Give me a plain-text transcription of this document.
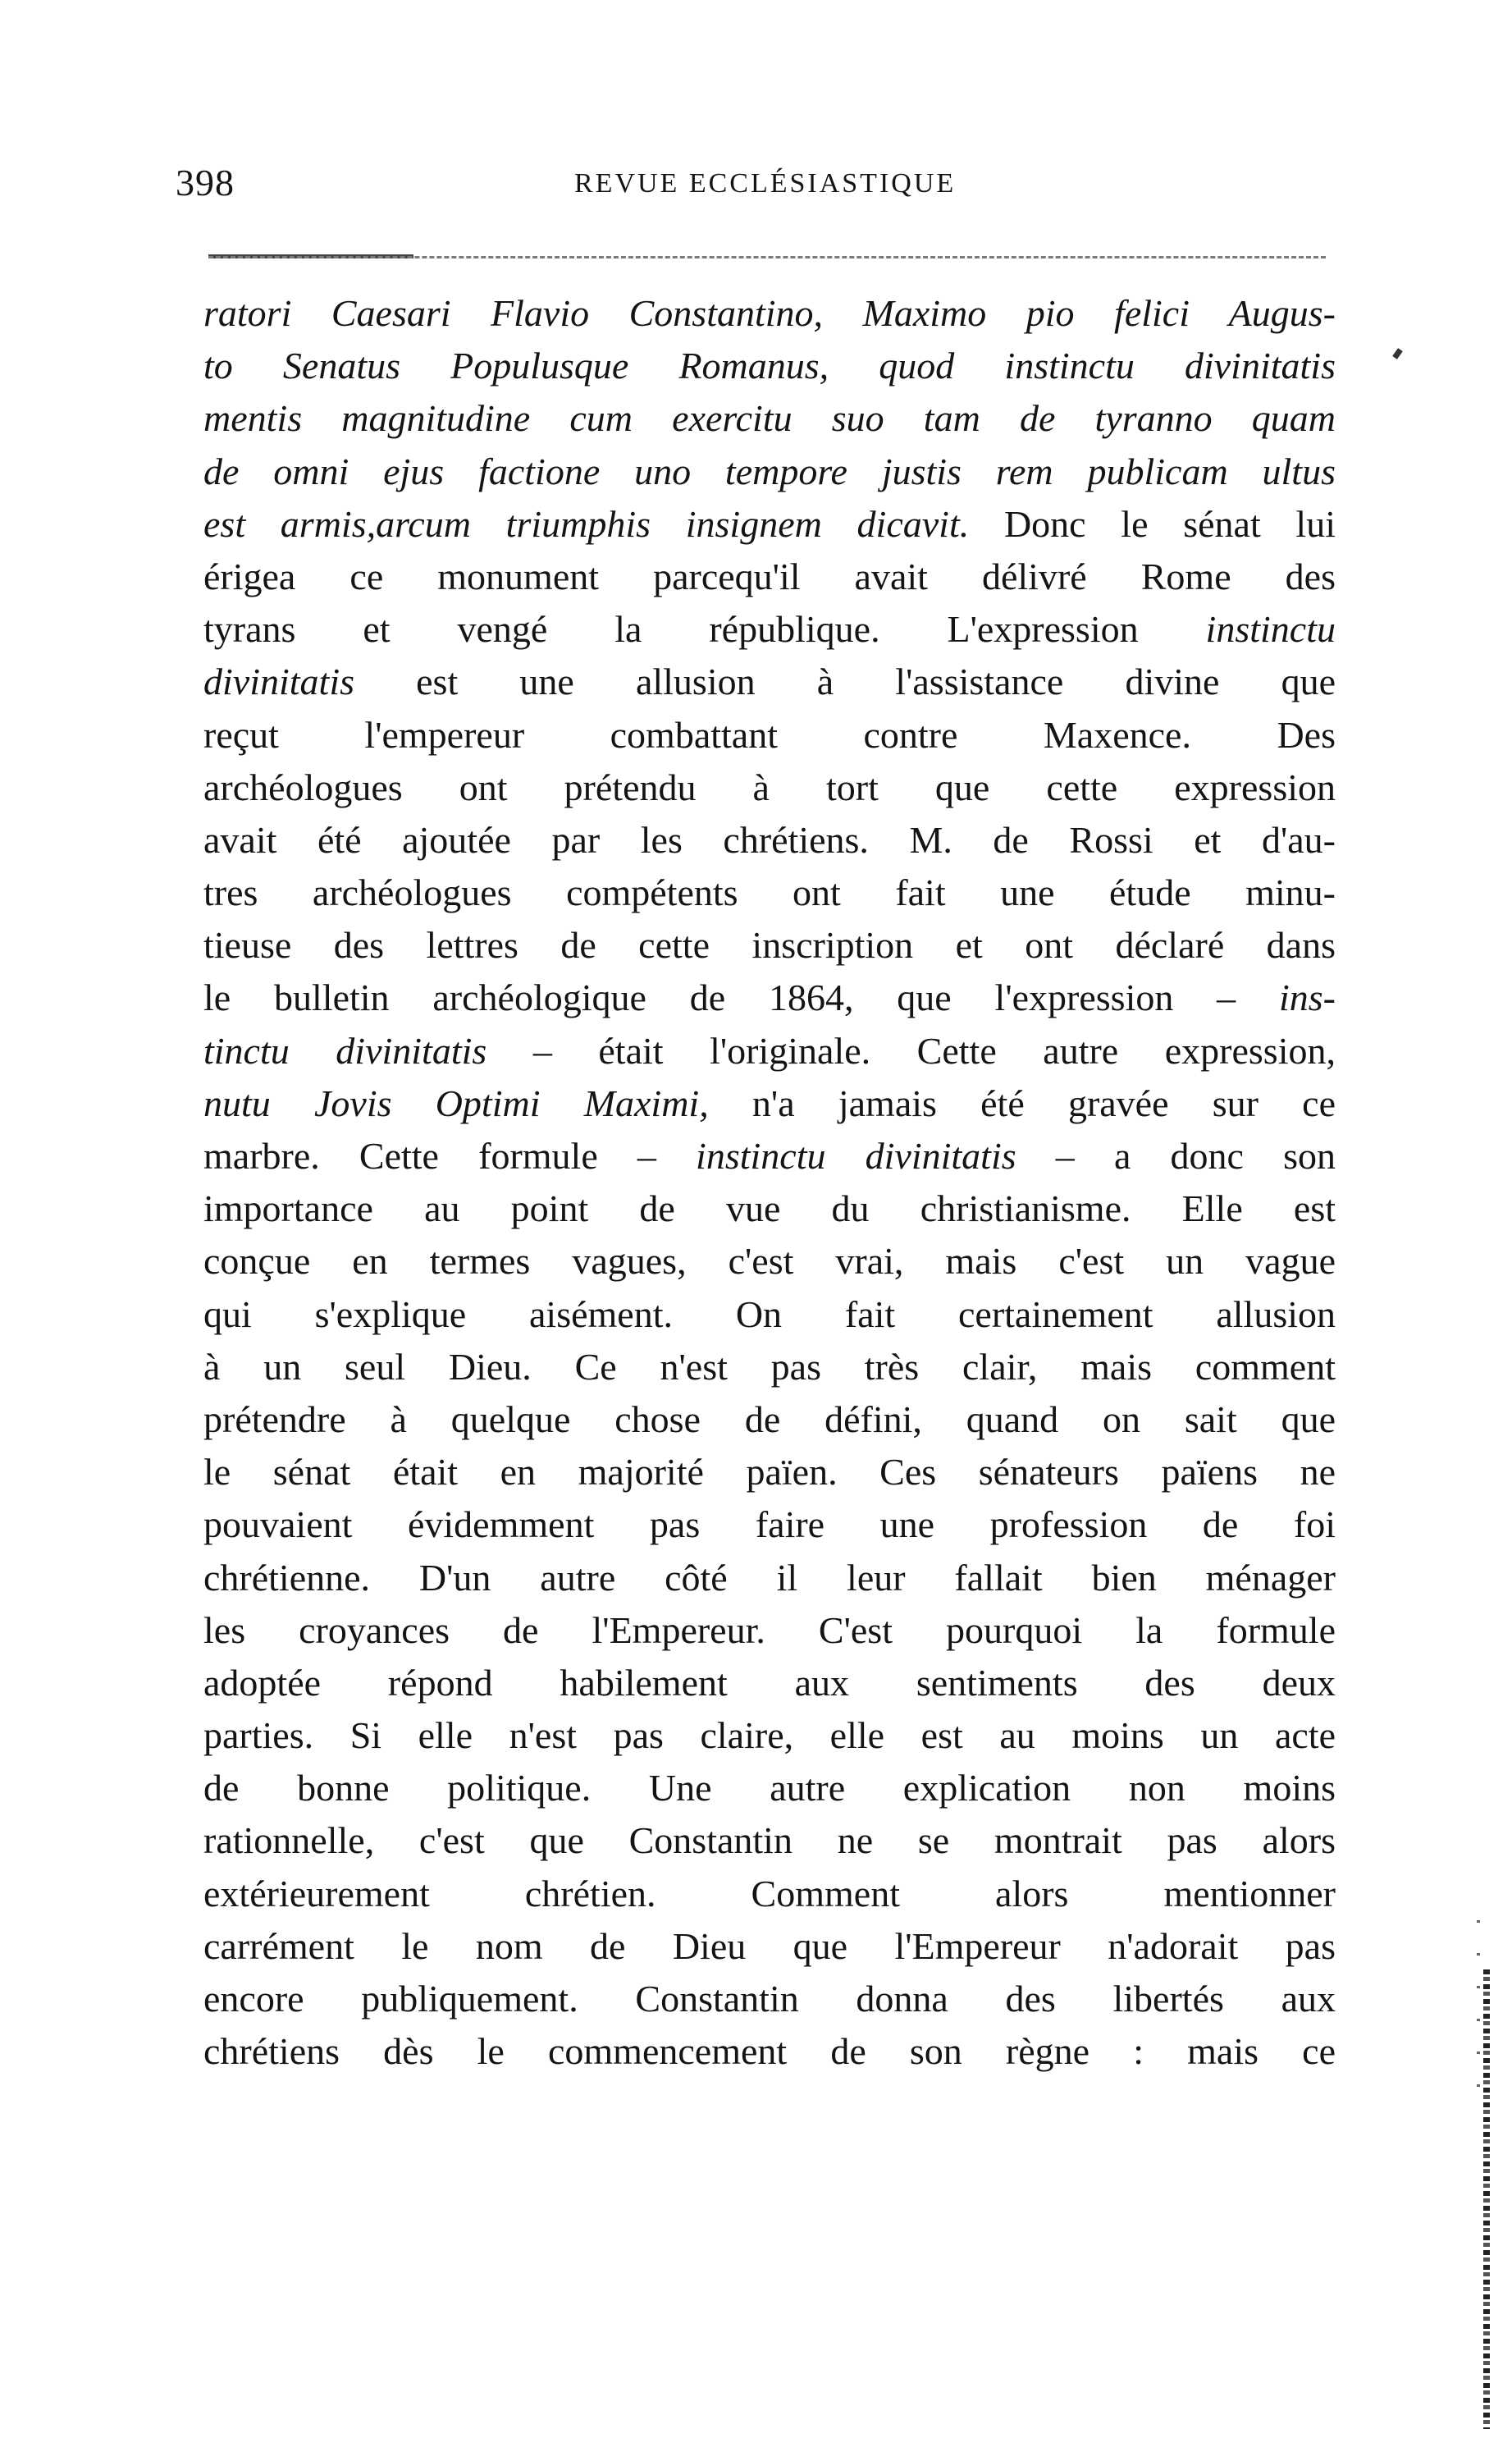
398	REVUE ECCLÉSIASTIQUE
ratori Caesari Flavio Constantino, Maximo pio felici Augus-
to Senatus Populusque Romanus, quod instinctu divinitatis
mentis magnitudine cum exercitu suo tam de tyranno quam
de omni ejus factione uno tempore justis rem publicam ultus
est armis,arcum triumphis insignem dicavit. Donc le sénat lui
érigea ce monument parcequ'il avait délivré Rome des
tyrans et vengé la république. L'expression instinctu
divinitatis est une allusion à l'assistance divine que
reçut l'empereur combattant contre Maxence. Des
archéologues ont prétendu à tort que cette expression
avait été ajoutée par les chrétiens. M. de Rossi et d'au-
tres archéologues compétents ont fait une étude minu-
tieuse des lettres de cette inscription et ont déclaré dans
le bulletin archéologique de 1864, que l'expression – ins-
tinctu divinitatis – était l'originale. Cette autre expression,
nutu Jovis Optimi Maximi, n'a jamais été gravée sur ce
marbre. Cette formule – instinctu divinitatis – a donc son
importance au point de vue du christianisme. Elle est
conçue en termes vagues, c'est vrai, mais c'est un vague
qui s'explique aisément. On fait certainement allusion
à un seul Dieu. Ce n'est pas très clair, mais comment
prétendre à quelque chose de défini, quand on sait que
le sénat était en majorité païen. Ces sénateurs païens ne
pouvaient évidemment pas faire une profession de foi
chrétienne. D'un autre côté il leur fallait bien ménager
les croyances de l'Empereur. C'est pourquoi la formule
adoptée répond habilement aux sentiments des deux
parties. Si elle n'est pas claire, elle est au moins un acte
de bonne politique. Une autre explication non moins
rationnelle, c'est que Constantin ne se montrait pas alors
extérieurement chrétien. Comment alors mentionner
carrément le nom de Dieu que l'Empereur n'adorait pas
encore publiquement. Constantin donna des libertés aux
chrétiens dès le commencement de son règne : mais ce
